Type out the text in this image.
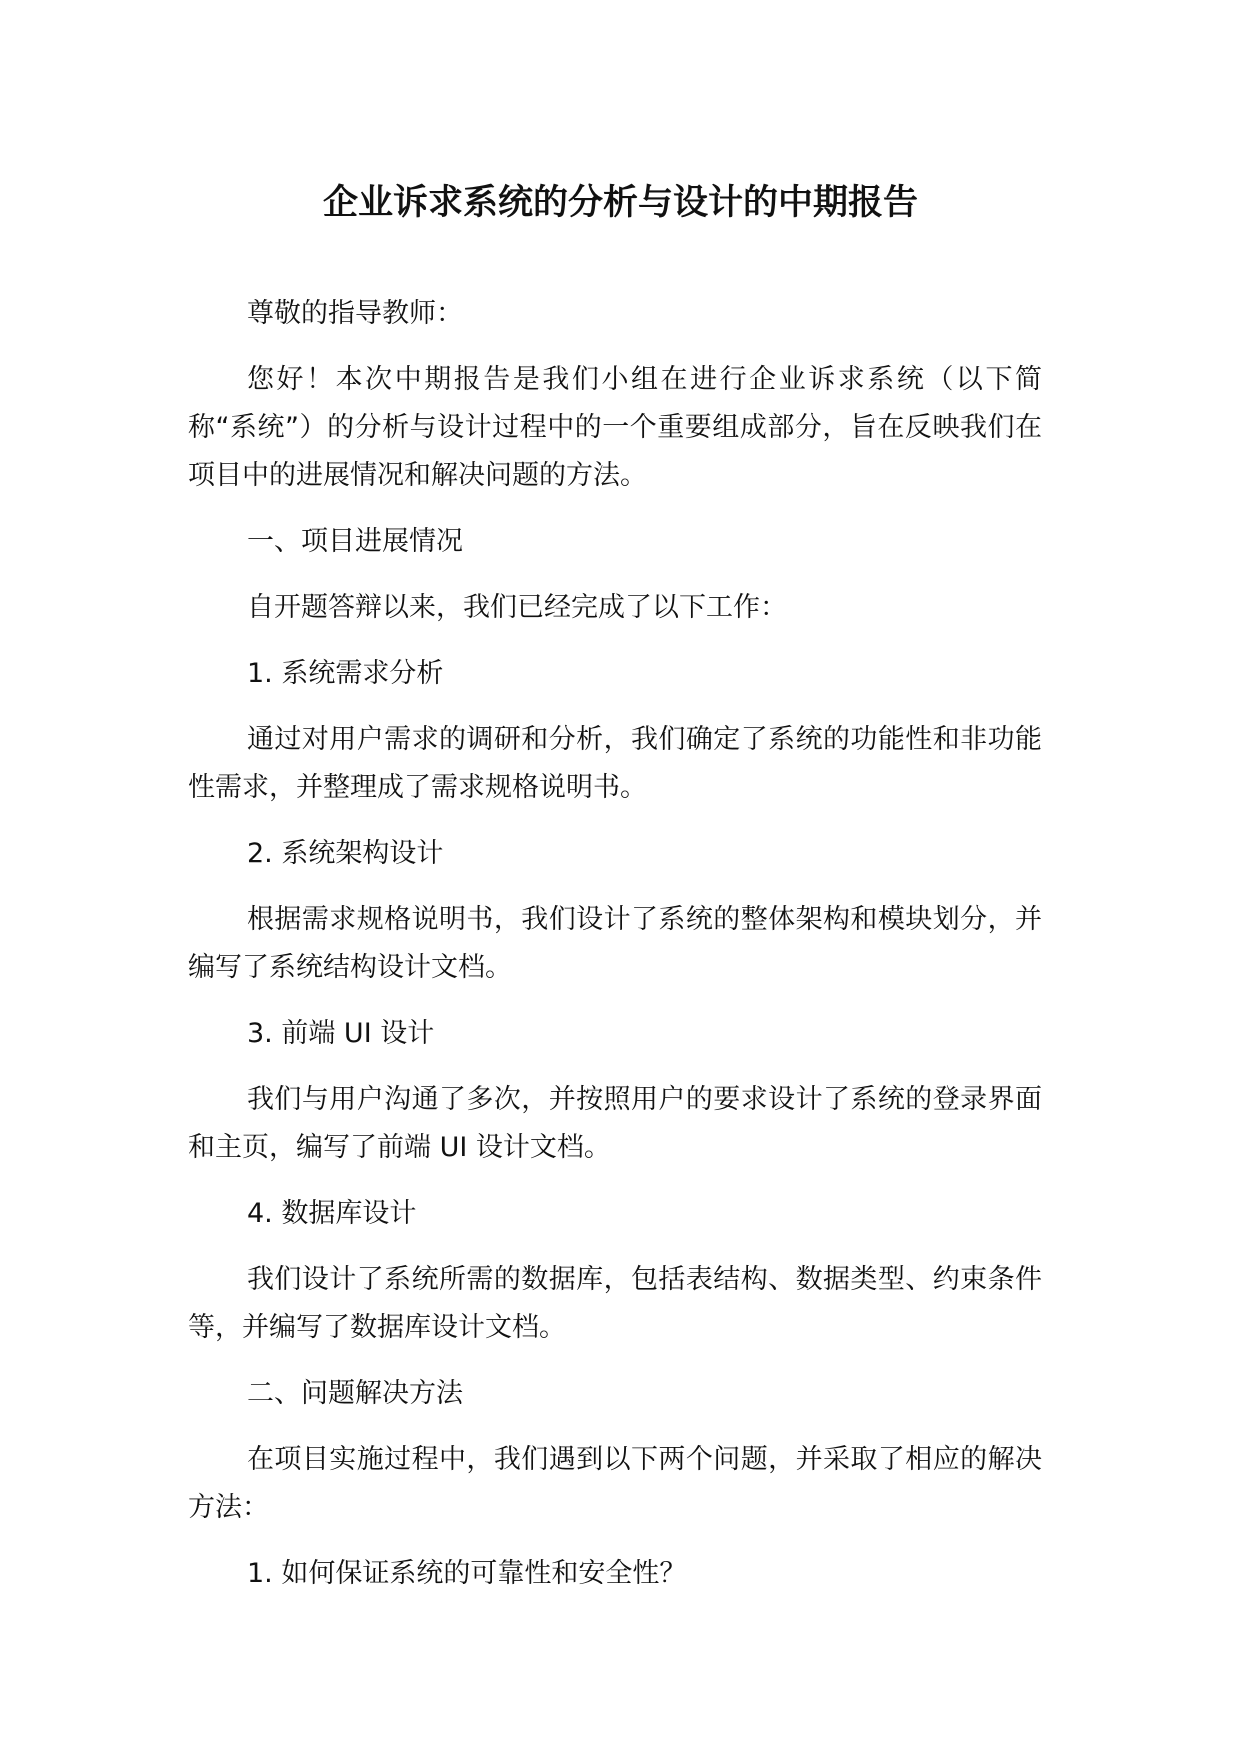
企业诉求系统的分析与设计的中期报告

尊敬的指导教师：

您好！本次中期报告是我们小组在进行企业诉求系统（以下简称“系统”）的分析与设计过程中的一个重要组成部分，旨在反映我们在项目中的进展情况和解决问题的方法。

一、项目进展情况

自开题答辩以来，我们已经完成了以下工作：

1. 系统需求分析

通过对用户需求的调研和分析，我们确定了系统的功能性和非功能性需求，并整理成了需求规格说明书。

2. 系统架构设计

根据需求规格说明书，我们设计了系统的整体架构和模块划分，并编写了系统结构设计文档。

3. 前端 UI 设计

我们与用户沟通了多次，并按照用户的要求设计了系统的登录界面和主页，编写了前端 UI 设计文档。

4. 数据库设计

我们设计了系统所需的数据库，包括表结构、数据类型、约束条件等，并编写了数据库设计文档。

二、问题解决方法

在项目实施过程中，我们遇到以下两个问题，并采取了相应的解决方法：

1. 如何保证系统的可靠性和安全性？
